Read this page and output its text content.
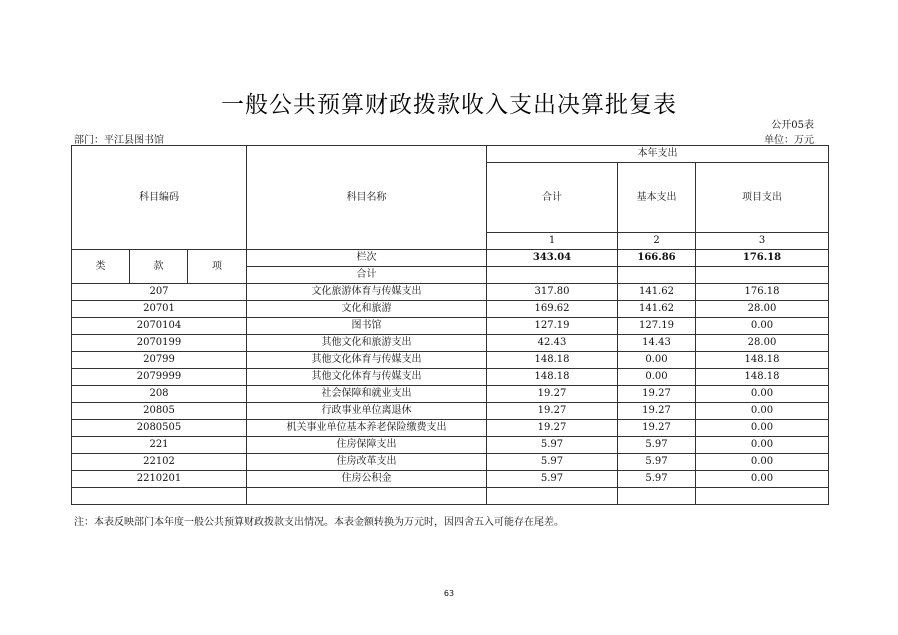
一般公共预算财政拨款收入支出决算批复表
公开05表
部门：平江县图书馆	单位：万元
科目编码			科目名称	本年支出		
				合计	基本支出	项目支出
				1	2	3
类	款	项	栏次	343.04	166.86	176.18
			合计			
207			文化旅游体育与传媒支出	317.80	141.62	176.18
20701			文化和旅游	169.62	141.62	28.00
2070104			图书馆	127.19	127.19	0.00
2070199			其他文化和旅游支出	42.43	14.43	28.00
20799			其他文化体育与传媒支出	148.18	0.00	148.18
2079999			其他文化体育与传媒支出	148.18	0.00	148.18
208			社会保障和就业支出	19.27	19.27	0.00
20805			行政事业单位离退休	19.27	19.27	0.00
2080505			机关事业单位基本养老保险缴费支出	19.27	19.27	0.00
221			住房保障支出	5.97	5.97	0.00
22102			住房改革支出	5.97	5.97	0.00
2210201			住房公积金	5.97	5.97	0.00

注：本表反映部门本年度一般公共预算财政拨款支出情况。本表金额转换为万元时，因四舍五入可能存在尾差。
63
